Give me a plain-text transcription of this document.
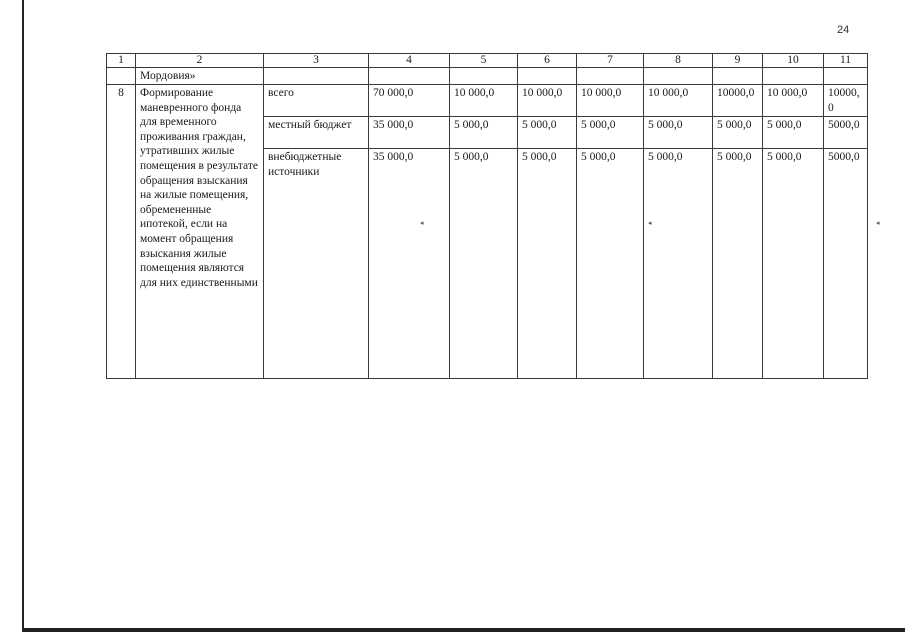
24
1	2	3	4	5	6	7	8	9	10	11
	Мордовия»									
8	Формирование маневренного фонда для временного проживания граждан, утративших жилые помещения в результате обращения взыскания на жилые помещения, обремененные ипотекой, если на момент обращения взыскания жилые помещения являются для них единственными	всего	70 000,0	10 000,0	10 000,0	10 000,0	10 000,0	10000,0	10 000,0	10000,0
		местный бюджет	35 000,0	5 000,0	5 000,0	5 000,0	5 000,0	5 000,0	5 000,0	5000,0
		внебюджетные источники	35 000,0	5 000,0	5 000,0	5 000,0	5 000,0	5 000,0	5 000,0	5000,0
◂	◂	◂
